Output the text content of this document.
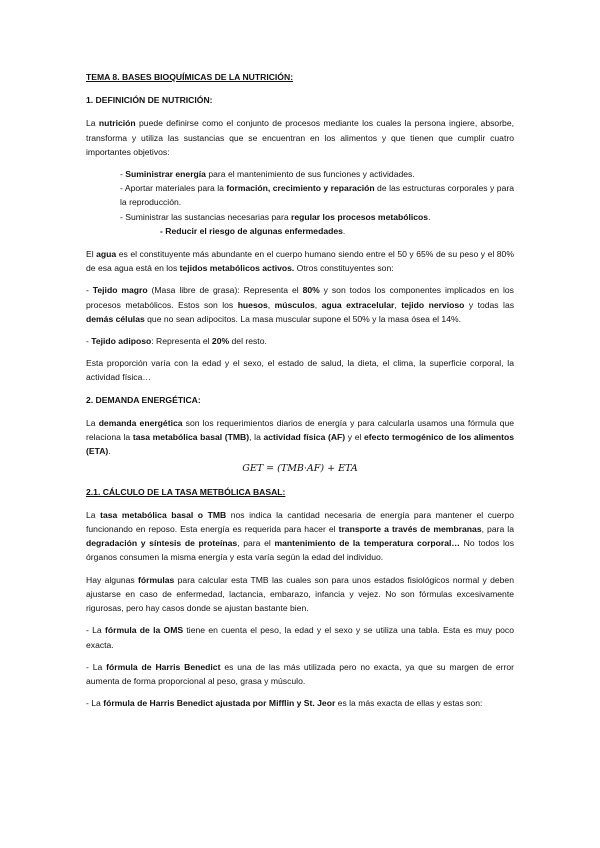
TEMA 8. BASES BIOQUÍMICAS DE LA NUTRICIÓN:
1. DEFINICIÓN DE NUTRICIÓN:

La nutrición puede definirse como el conjunto de procesos mediante los cuales la persona ingiere, absorbe, transforma y utiliza las sustancias que se encuentran en los alimentos y que tienen que cumplir cuatro importantes objetivos:

- Suministrar energía para el mantenimiento de sus funciones y actividades.

- Aportar materiales para la formación, crecimiento y reparación de las estructuras corporales y para la reproducción.

- Suministrar las sustancias necesarias para regular los procesos metabólicos.

- Reducir el riesgo de algunas enfermedades.

El agua es el constituyente más abundante en el cuerpo humano siendo entre el 50 y 65% de su peso y el 80% de esa agua está en los tejidos metabólicos activos. Otros constituyentes son:

- Tejido magro (Masa libre de grasa): Representa el 80% y son todos los componentes implicados en los procesos metabólicos. Estos son los huesos, músculos, agua extracelular, tejido nervioso y todas las demás células que no sean adipocitos. La masa muscular supone el 50% y la masa ósea el 14%.

- Tejido adiposo: Representa el 20% del resto.

Esta proporción varía con la edad y el sexo, el estado de salud, la dieta, el clima, la superficie corporal, la actividad física…

2. DEMANDA ENERGÉTICA:

La demanda energética son los requerimientos diarios de energía y para calcularla usamos una fórmula que relaciona la tasa metabólica basal (TMB), la actividad física (AF) y el efecto termogénico de los alimentos (ETA).

GET = (TMB·AF) + ETA
2.1. CÁLCULO DE LA TASA METBÓLICA BASAL:

La tasa metabólica basal o TMB nos indica la cantidad necesaria de energía para mantener el cuerpo funcionando en reposo. Esta energía es requerida para hacer el transporte a través de membranas, para la degradación y síntesis de proteínas, para el mantenimiento de la temperatura corporal… No todos los órganos consumen la misma energía y esta varía según la edad del individuo.

Hay algunas fórmulas para calcular esta TMB las cuales son para unos estados fisiológicos normal y deben ajustarse en caso de enfermedad, lactancia, embarazo, infancia y vejez. No son fórmulas excesivamente rigurosas, pero hay casos donde se ajustan bastante bien.

- La fórmula de la OMS tiene en cuenta el peso, la edad y el sexo y se utiliza una tabla. Esta es muy poco exacta.

- La fórmula de Harris Benedict es una de las más utilizada pero no exacta, ya que su margen de error aumenta de forma proporcional al peso, grasa y músculo.

- La fórmula de Harris Benedict ajustada por Mifflin y St. Jeor es la más exacta de ellas y estas son:
